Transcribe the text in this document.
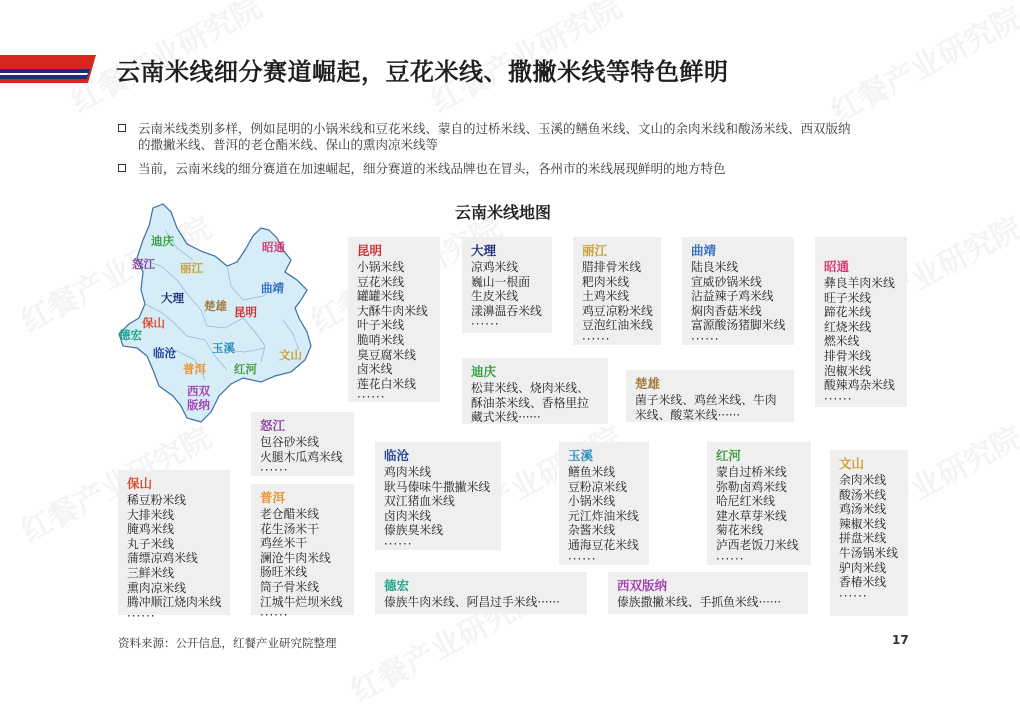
云南米线细分赛道崛起，豆花米线、撒撇米线等特色鲜明
云南米线类别多样，例如昆明的小锅米线和豆花米线、蒙自的过桥米线、玉溪的鳝鱼米线、文山的余肉米线和酸汤米线、西双版纳
的撒撇米线、普洱的老仓酯米线、保山的熏肉凉米线等
当前，云南米线的细分赛道在加速崛起，细分赛道的米线品牌也在冒头，各州市的米线展现鲜明的地方特色
云南米线地图
迪庆
怒江 丽江
昭通
大理
曲靖
楚雄 昆明
保山
德宏
临沧	玉溪
普洱 红河
文山
西双
版纳
昆明
小锅米线
豆花米线
罐罐米线
大酥牛肉米线
叶子米线
脆哨米线
臭豆腐米线
卤米线
莲花白米线
······
大理
凉鸡米线
巍山一根面
生皮米线
漾濞温吞米线
······
丽江
腊排骨米线
粑肉米线
土鸡米线
鸡豆凉粉米线
豆泡红油米线
······
曲靖
陆良米线
宣威砂锅米线
沾益辣子鸡米线
焖肉香菇米线
富源酸汤猪脚米线
······
昭通
彝良羊肉米线
旺子米线
蹄花米线
红烧米线
燃米线
排骨米线
泡椒米线
酸辣鸡杂米线
······
迪庆
松茸米线、烧肉米线、酥油茶米线、香格里拉藏式米线······
楚雄
菌子米线、鸡丝米线、牛肉米线、酸菜米线······
怒江
包谷砂米线
火腿木瓜鸡米线
······
保山
稀豆粉米线
大排米线
腌鸡米线
丸子米线
蒲缥凉鸡米线
三鲜米线
熏肉凉米线
腾冲顺江烧肉米线
······
普洱
老仓醋米线
花生汤米干
鸡丝米干
澜沧牛肉米线
肠旺米线
筒子骨米线
江城牛烂坝米线
······
临沧
鸡肉米线
耿马傣味牛撒撇米线
双江猪血米线
卤肉米线
傣族臭米线
······
玉溪
鳝鱼米线
豆粉凉米线
小锅米线
元江炸油米线
杂酱米线
通海豆花米线
······
红河
蒙自过桥米线
弥勒卤鸡米线
哈尼红米线
建水草芽米线
菊花米线
泸西老饭刀米线
······
文山
余肉米线
酸汤米线
鸡汤米线
辣椒米线
拼盘米线
牛汤锅米线
驴肉米线
香椿米线
······
德宏
傣族牛肉米线、阿昌过手米线······
西双版纳
傣族撒撇米线、手抓鱼米线······
资料来源：公开信息，红餐产业研究院整理	17
